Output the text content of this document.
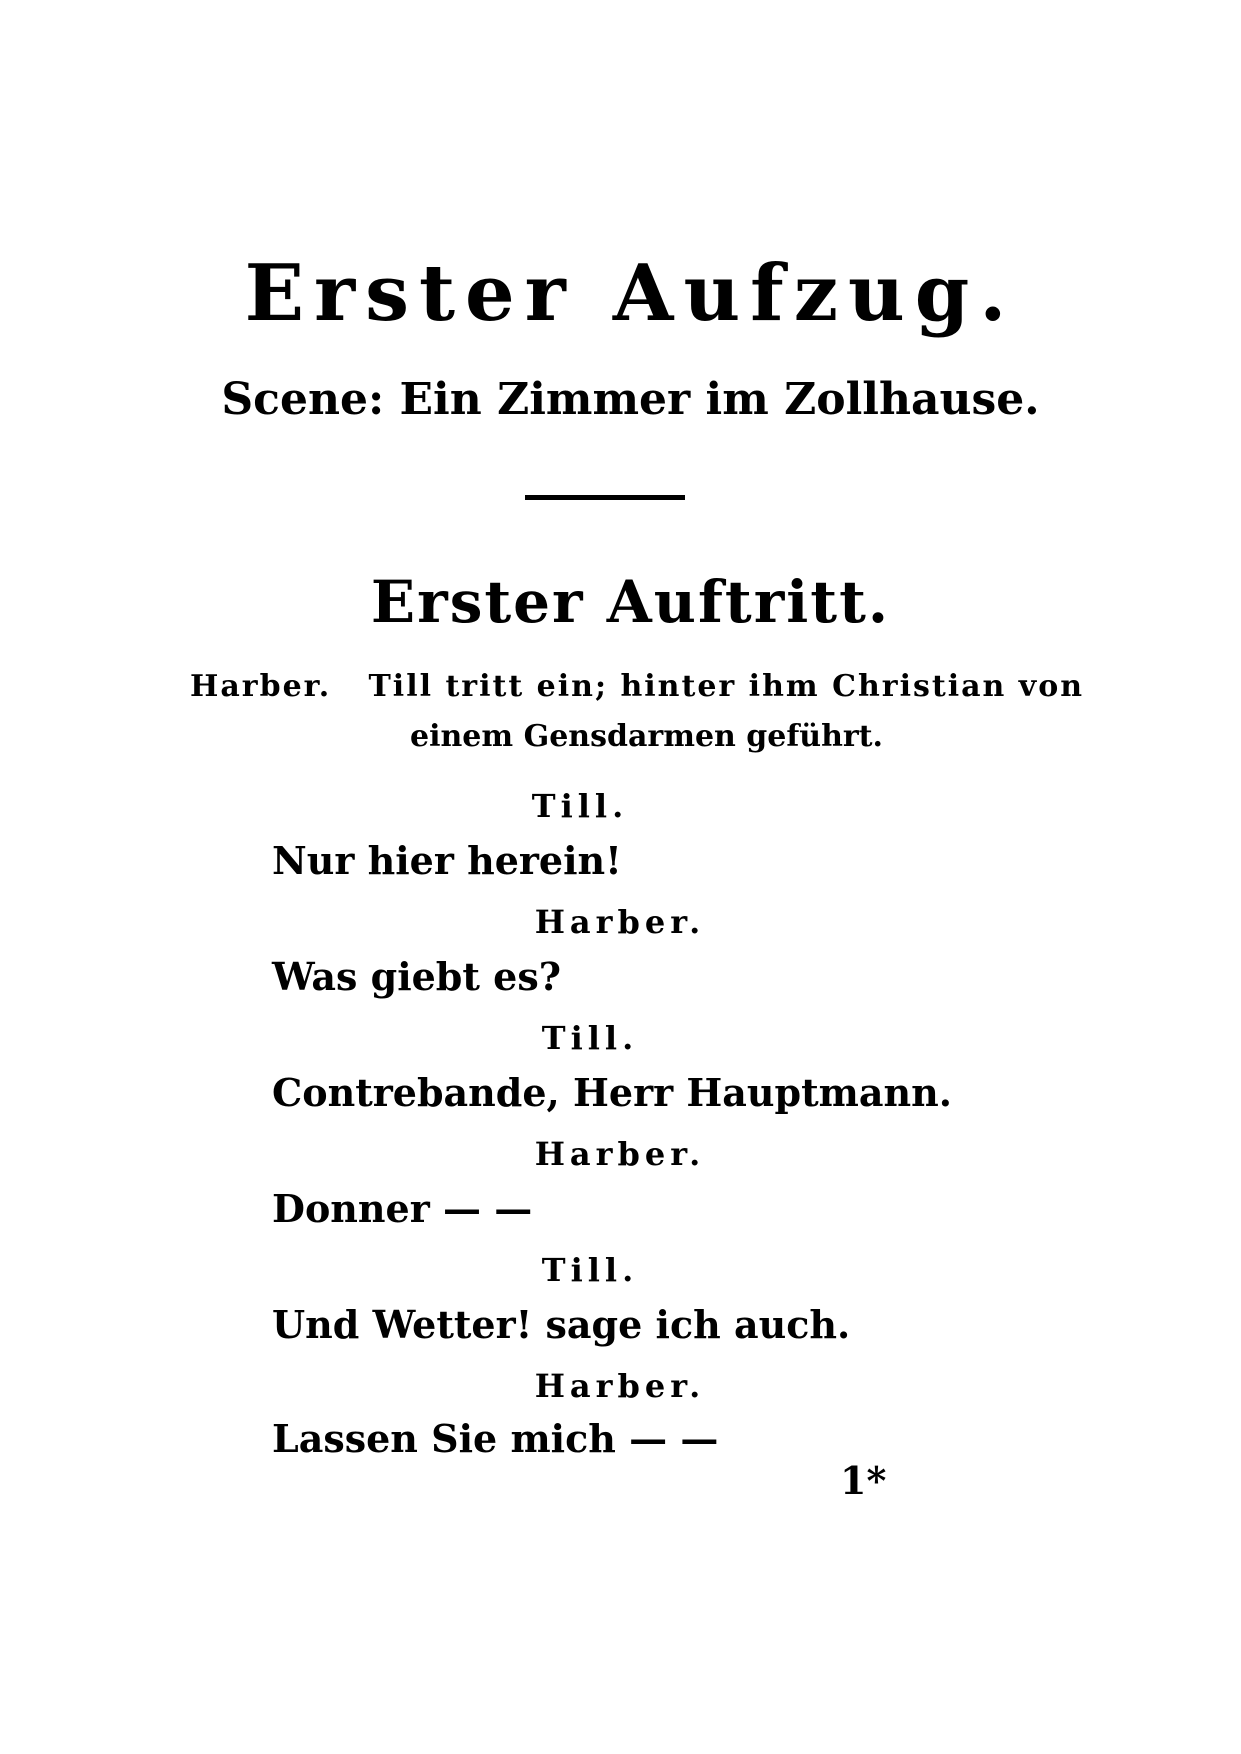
Erster Aufzug.
Scene: Ein Zimmer im Zollhause.
Erster Auftritt.
Harber.   Till tritt ein; hinter ihm Christian von
einem Gensdarmen geführt.
Till.
Nur hier herein!
Harber.
Was giebt es?
Till.
Contrebande, Herr Hauptmann.
Harber.
Donner — —
Till.
Und Wetter! sage ich auch.
Harber.
Lassen Sie mich — —
1*
